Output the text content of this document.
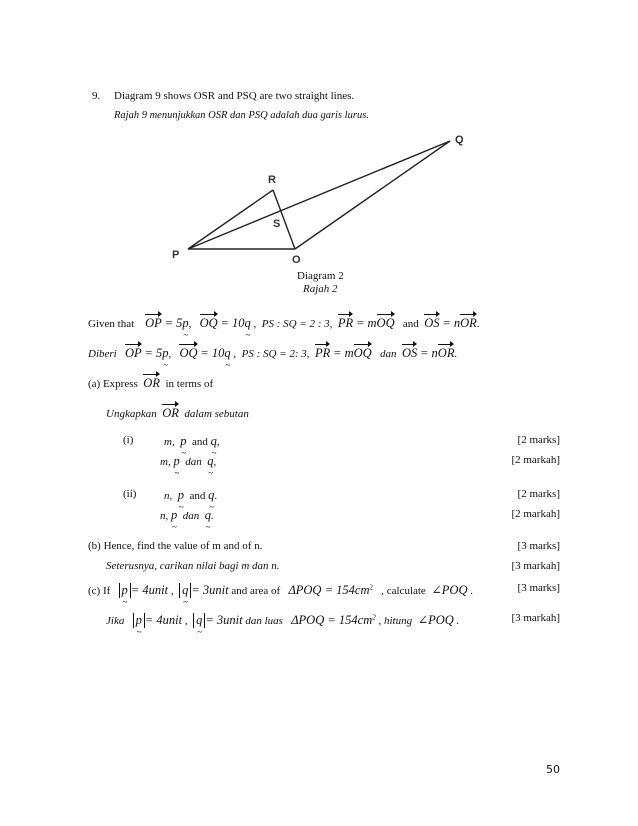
9. Diagram 9 shows OSR and PSQ are two straight lines.
Rajah 9 menunjukkan OSR dan PSQ adalah dua garis lurus.
Q
R
S
P	O
Diagram 2
Rajah 2
Given that OP = 5p ~, OQ = 10q ~ , PS : SQ = 2 : 3, PR = mOQ and OS = nOR.
Diberi OP = 5p ~, OQ = 10q ~ , PS : SQ = 2: 3, PR = mOQ dan OS = nOR.
(a) Express OR in terms of
Ungkapkan OR dalam sebutan
(i)	m, p ~ and q ~,	[2 marks]
m, p ~ dan q ~,	[2 markah]
(ii)	n, p ~ and q ~.	[2 marks]
n, p ~ dan q ~.	[2 markah]
(b) Hence, find the value of m and of n.	[3 marks]
Seterusnya, carikan nilai bagi m dan n.	[3 markah]
(c) If p ~ = 4unit , q ~ = 3unit and area of $\Delta POQ = 154cm^2$ , calculate ∠POQ .	[3 marks]
Jika p ~ = 4unit , q ~ = 3unit dan luas $\Delta POQ = 154cm^2$ , hitung ∠POQ .	[3 markah]
50
